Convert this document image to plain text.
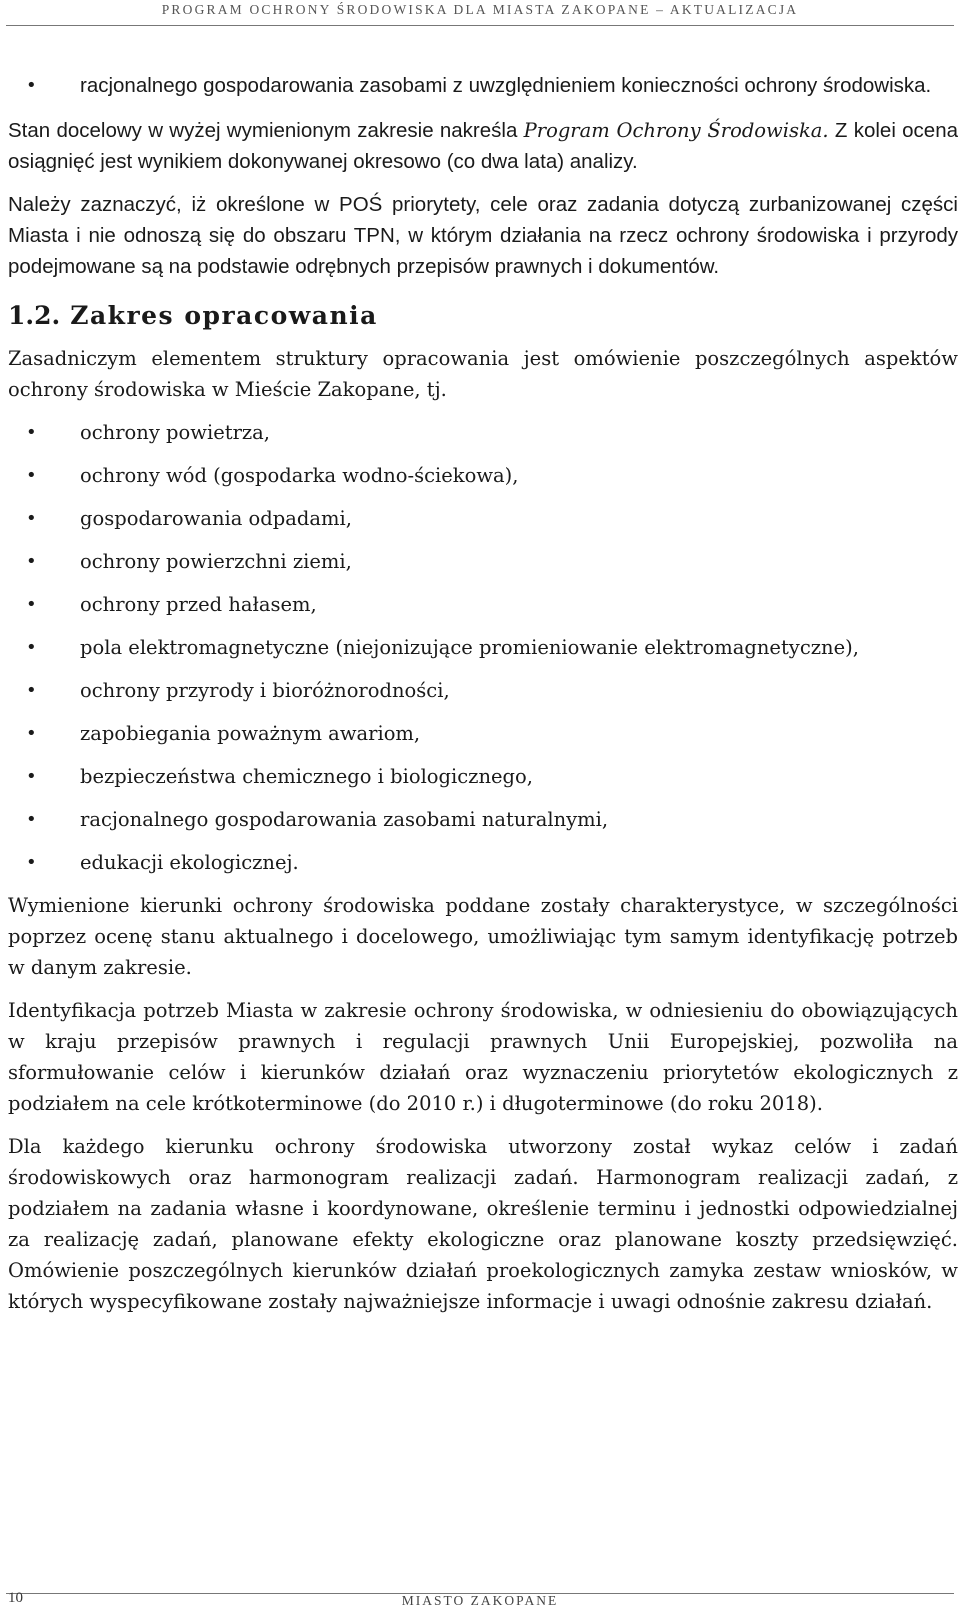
PROGRAM OCHRONY ŚRODOWISKA DLA MIASTA ZAKOPANE – AKTUALIZACJA
• racjonalnego gospodarowania zasobami z uwzględnieniem konieczności ochrony środowiska.

Stan docelowy w wyżej wymienionym zakresie nakreśla Program Ochrony Środowiska. Z kolei ocena osiągnięć jest wynikiem dokonywanej okresowo (co dwa lata) analizy.

Należy zaznaczyć, iż określone w POŚ priorytety, cele oraz zadania dotyczą zurbanizowanej części Miasta i nie odnoszą się do obszaru TPN, w którym działania na rzecz ochrony środowiska i przyrody podejmowane są na podstawie odrębnych przepisów prawnych i dokumentów.

1.2. Zakres opracowania

Zasadniczym elementem struktury opracowania jest omówienie poszczególnych aspektów ochrony środowiska w Mieście Zakopane, tj.

• ochrony powietrza,
• ochrony wód (gospodarka wodno-ściekowa),
• gospodarowania odpadami,
• ochrony powierzchni ziemi,
• ochrony przed hałasem,
• pola elektromagnetyczne (niejonizujące promieniowanie elektromagnetyczne),
• ochrony przyrody i bioróżnorodności,
• zapobiegania poważnym awariom,
• bezpieczeństwa chemicznego i biologicznego,
• racjonalnego gospodarowania zasobami naturalnymi,
• edukacji ekologicznej.

Wymienione kierunki ochrony środowiska poddane zostały charakterystyce, w szczególności poprzez ocenę stanu aktualnego i docelowego, umożliwiając tym samym identyfikację potrzeb w danym zakresie.

Identyfikacja potrzeb Miasta w zakresie ochrony środowiska, w odniesieniu do obowiązujących w kraju przepisów prawnych i regulacji prawnych Unii Europejskiej, pozwoliła na sformułowanie celów i kierunków działań oraz wyznaczeniu priorytetów ekologicznych z podziałem na cele krótkoterminowe (do 2010 r.) i długoterminowe (do roku 2018).

Dla każdego kierunku ochrony środowiska utworzony został wykaz celów i zadań środowiskowych oraz harmonogram realizacji zadań. Harmonogram realizacji zadań, z podziałem na zadania własne i koordynowane, określenie terminu i jednostki odpowiedzialnej za realizację zadań, planowane efekty ekologiczne oraz planowane koszty przedsięwzięć. Omówienie poszczególnych kierunków działań proekologicznych zamyka zestaw wniosków, w których wyspecyfikowane zostały najważniejsze informacje i uwagi odnośnie zakresu działań.

10	MIASTO ZAKOPANE
